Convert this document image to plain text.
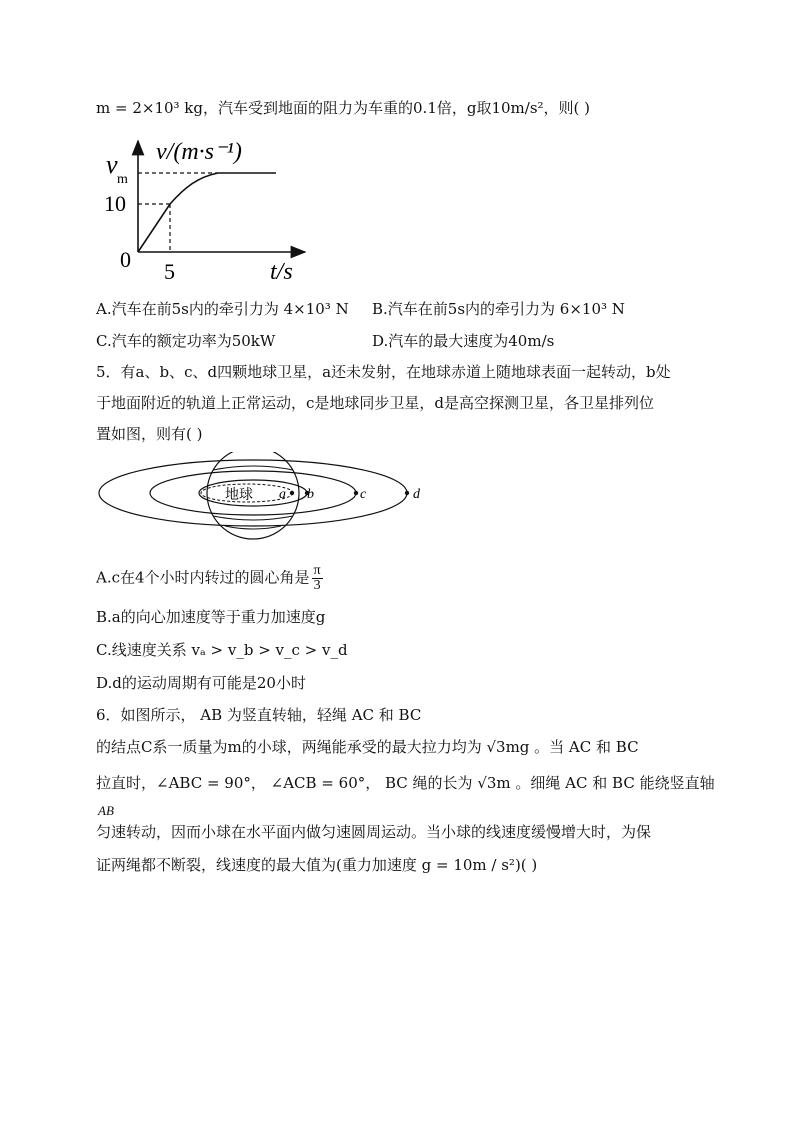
m = 2×10³ kg，汽车受到地面的阻力为车重的0.1倍，g取10m/s²，则( )
v/(m·s⁻¹)
v
m
10
0 5	t/s
A.汽车在前5s内的牵引力为 4×10³ N B.汽车在前5s内的牵引力为 6×10³ N
C.汽车的额定功率为50kW	D.汽车的最大速度为40m/s
5．有a、b、c、d四颗地球卫星，a还未发射，在地球赤道上随地球表面一起转动，b处
于地面附近的轨道上正常运动，c是地球同步卫星，d是高空探测卫星，各卫星排列位
置如图，则有( )
地球 a b	c	d
A.c在4个小时内转过的圆心角是 $\frac{\pi}{3}$
B.a的向心加速度等于重力加速度g
C.线速度关系 vₐ > v_b > v_c > v_d
D.d的运动周期有可能是20小时
6．如图所示， AB 为竖直转轴，轻绳 AC 和 BC
的结点C系一质量为m的小球，两绳能承受的最大拉力均为 √3mg 。当 AC 和 BC
拉直时，∠ABC = 90°， ∠ACB = 60°， BC 绳的长为 √3m 。细绳 AC 和 BC 能绕竖直轴
AB
匀速转动，因而小球在水平面内做匀速圆周运动。当小球的线速度缓慢增大时，为保
证两绳都不断裂，线速度的最大值为(重力加速度 g = 10m / s²)( )
